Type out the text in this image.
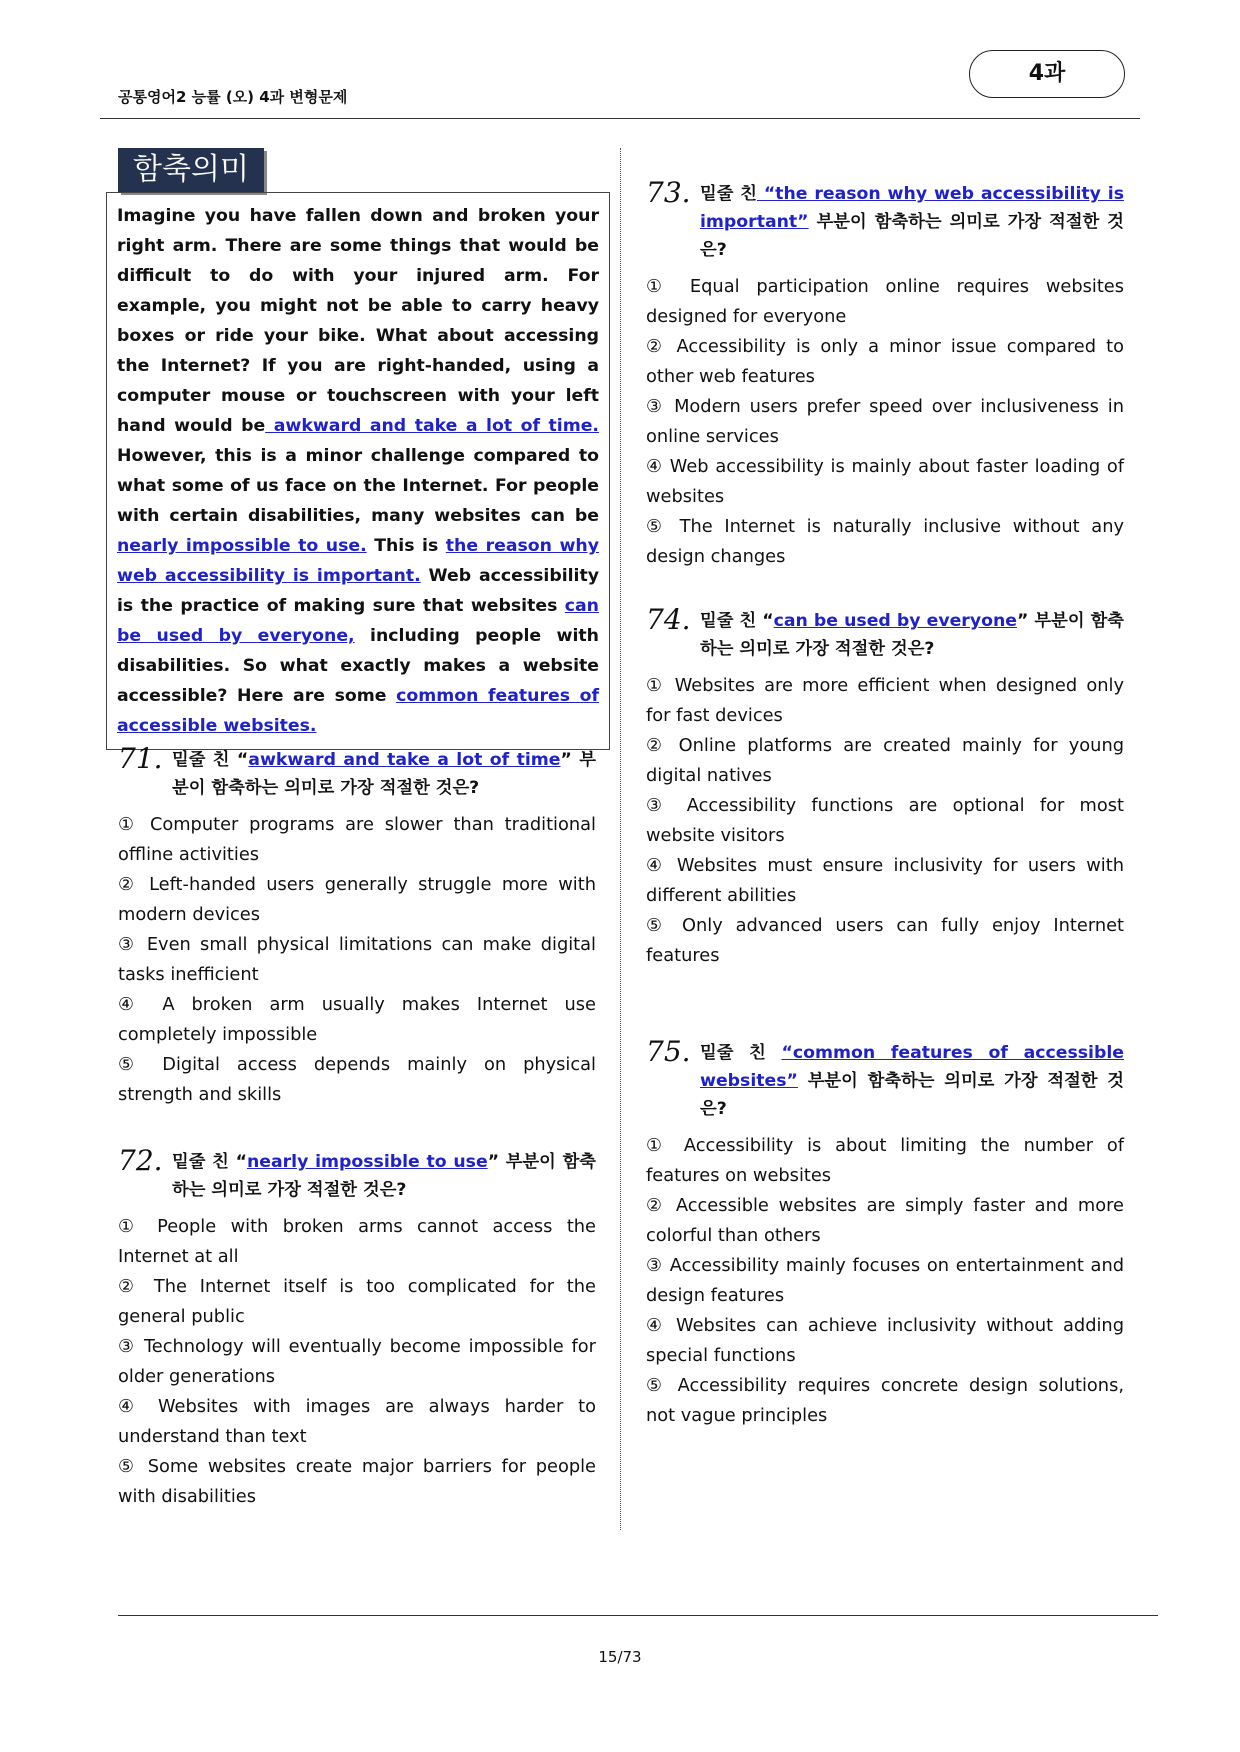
공통영어2 능률 (오) 4과 변형문제
4과
함축의미
Imagine you have fallen down and broken your right arm. There are some things that would be difficult to do with your injured arm. For example, you might not be able to carry heavy boxes or ride your bike. What about accessing the Internet? If you are right-handed, using a computer mouse or touchscreen with your left hand would be awkward and take a lot of time. However, this is a minor challenge compared to what some of us face on the Internet. For people with certain disabilities, many websites can be nearly impossible to use. This is the reason why web accessibility is important. Web accessibility is the practice of making sure that websites can be used by everyone, including people with disabilities. So what exactly makes a website accessible? Here are some common features of accessible websites.
71. 밑줄 친 “awkward and take a lot of time” 부분이 함축하는 의미로 가장 적절한 것은?

① Computer programs are slower than traditional offline activities

② Left-handed users generally struggle more with modern devices

③ Even small physical limitations can make digital tasks inefficient

④ A broken arm usually makes Internet use completely impossible

⑤ Digital access depends mainly on physical strength and skills

72. 밑줄 친 “nearly impossible to use” 부분이 함축하는 의미로 가장 적절한 것은?

① People with broken arms cannot access the Internet at all

② The Internet itself is too complicated for the general public

③ Technology will eventually become impossible for older generations

④ Websites with images are always harder to understand than text

⑤ Some websites create major barriers for people with disabilities

73. 밑줄 친 “the reason why web accessibility is important” 부분이 함축하는 의미로 가장 적절한 것은?

① Equal participation online requires websites designed for everyone

② Accessibility is only a minor issue compared to other web features

③ Modern users prefer speed over inclusiveness in online services

④ Web accessibility is mainly about faster loading of websites

⑤ The Internet is naturally inclusive without any design changes

74. 밑줄 친 “can be used by everyone” 부분이 함축하는 의미로 가장 적절한 것은?

① Websites are more efficient when designed only for fast devices

② Online platforms are created mainly for young digital natives

③ Accessibility functions are optional for most website visitors

④ Websites must ensure inclusivity for users with different abilities

⑤ Only advanced users can fully enjoy Internet features

75. 밑줄 친 “common features of accessible websites” 부분이 함축하는 의미로 가장 적절한 것은?

① Accessibility is about limiting the number of features on websites

② Accessible websites are simply faster and more colorful than others

③ Accessibility mainly focuses on entertainment and design features

④ Websites can achieve inclusivity without adding special functions

⑤ Accessibility requires concrete design solutions, not vague principles

15/73
